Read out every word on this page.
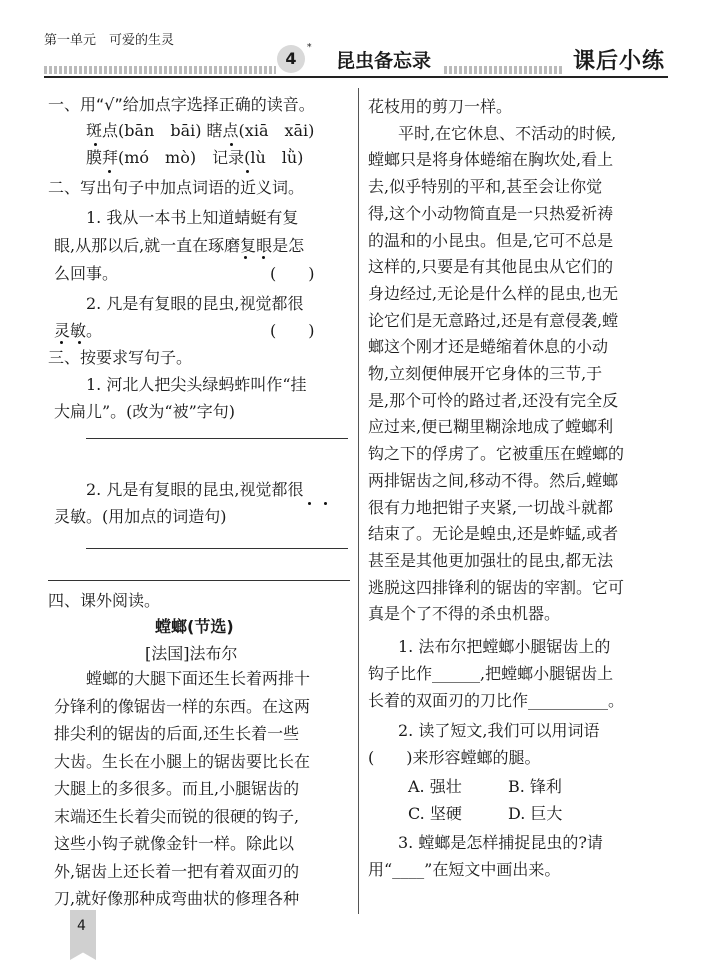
第一单元　可爱的生灵
4
*
昆虫备忘录	课后小练
一、用“√”给加点字选择正确的读音。
斑点(bān　bāi) 瞎点(xiā　xāi)
膜拜(mó　mò)　记录(lù　lǜ)
二、写出句子中加点词语的近义词。
1. 我从一本书上知道蜻蜓有复
眼,从那以后,就一直在琢磨复眼是怎
么回事。	(　　)
2. 凡是有复眼的昆虫,视觉都很
灵敏。	(　　)
三、按要求写句子。
1. 河北人把尖头绿蚂蚱叫作“挂
大扁儿”。(改为“被”字句)
2. 凡是有复眼的昆虫,视觉都很
灵敏。(用加点的词造句)
四、课外阅读。
螳螂(节选)
[法国]法布尔
螳螂的大腿下面还生长着两排十
分锋利的像锯齿一样的东西。在这两
排尖利的锯齿的后面,还生长着一些
大齿。生长在小腿上的锯齿要比长在
大腿上的多很多。而且,小腿锯齿的
末端还生长着尖而锐的很硬的钩子,
这些小钩子就像金针一样。除此以
外,锯齿上还长着一把有着双面刃的
刀,就好像那种成弯曲状的修理各种
花枝用的剪刀一样。
平时,在它休息、不活动的时候,
螳螂只是将身体蜷缩在胸坎处,看上
去,似乎特别的平和,甚至会让你觉
得,这个小动物简直是一只热爱祈祷
的温和的小昆虫。但是,它可不总是
这样的,只要是有其他昆虫从它们的
身边经过,无论是什么样的昆虫,也无
论它们是无意路过,还是有意侵袭,螳
螂这个刚才还是蜷缩着休息的小动
物,立刻便伸展开它身体的三节,于
是,那个可怜的路过者,还没有完全反
应过来,便已糊里糊涂地成了螳螂利
钩之下的俘虏了。它被重压在螳螂的
两排锯齿之间,移动不得。然后,螳螂
很有力地把钳子夹紧,一切战斗就都
结束了。无论是蝗虫,还是蚱蜢,或者
甚至是其他更加强壮的昆虫,都无法
逃脱这四排锋利的锯齿的宰割。它可
真是个了不得的杀虫机器。
1. 法布尔把螳螂小腿锯齿上的
钩子比作______,把螳螂小腿锯齿上
长着的双面刃的刀比作__________。
2. 读了短文,我们可以用词语
(　　)来形容螳螂的腿。
A. 强壮	B. 锋利
C. 坚硬	D. 巨大
3. 螳螂是怎样捕捉昆虫的?请
用“____”在短文中画出来。
4
